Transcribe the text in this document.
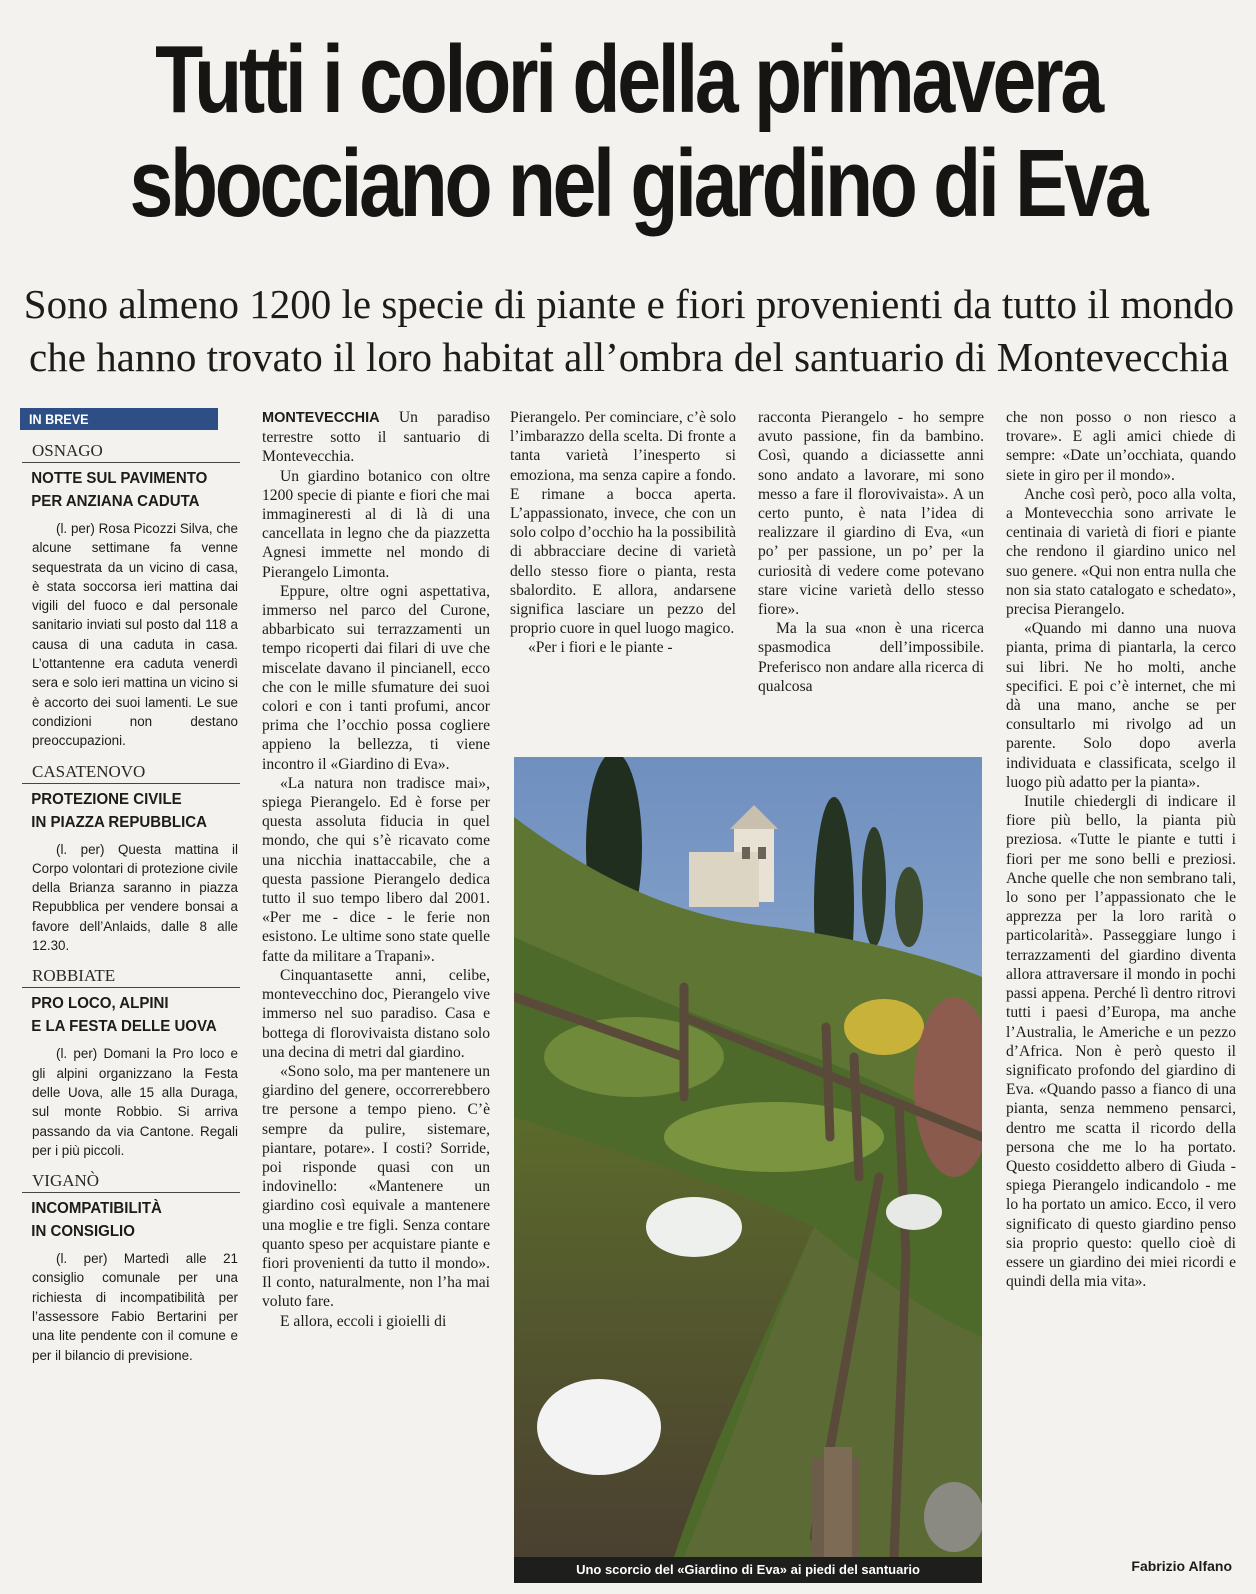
Tutti i colori della primavera
sbocciano nel giardino di Eva
Sono almeno 1200 le specie di piante e fiori provenienti da tutto il mondo
che hanno trovato il loro habitat all’ombra del santuario di Montevecchia
IN BREVE
OSNAGO
NOTTE SUL PAVIMENTO
PER ANZIANA CADUTA
(l. per) Rosa Picozzi Silva, che alcune settimane fa venne sequestrata da un vicino di casa, è stata soccorsa ieri mattina dai vigili del fuoco e dal personale sanitario inviati sul posto dal 118 a causa di una caduta in casa. L’ottantenne era caduta venerdì sera e solo ieri mattina un vicino si è accorto dei suoi lamenti. Le sue condizioni non destano preoccupazioni.
CASATENOVO
PROTEZIONE CIVILE
IN PIAZZA REPUBBLICA
(l. per) Questa mattina il Corpo volontari di protezione civile della Brianza saranno in piazza Repubblica per vendere bonsai a favore dell’Anlaids, dalle 8 alle 12.30.
ROBBIATE
PRO LOCO, ALPINI
E LA FESTA DELLE UOVA
(l. per) Domani la Pro loco e gli alpini organizzano la Festa delle Uova, alle 15 alla Duraga, sul monte Robbio. Si arriva passando da via Cantone. Regali per i più piccoli.
VIGANÒ
INCOMPATIBILITÀ
IN CONSIGLIO
(l. per) Martedì alle 21 consiglio comunale per una richiesta di incompatibilità per l’assessore Fabio Bertarini per una lite pendente con il comune e per il bilancio di previsione.

MONTEVECCHIA Un paradiso terrestre sotto il santuario di Montevecchia.

Un giardino botanico con oltre 1200 specie di piante e fiori che mai immagineresti al di là di una cancellata in legno che da piazzetta Agnesi immette nel mondo di Pierangelo Limonta.

Eppure, oltre ogni aspettativa, immerso nel parco del Curone, abbarbicato sui terrazzamenti un tempo ricoperti dai filari di uve che miscelate davano il pincianell, ecco che con le mille sfumature dei suoi colori e con i tanti profumi, ancor prima che l’occhio possa cogliere appieno la bellezza, ti viene incontro il «Giardino di Eva».

«La natura non tradisce mai», spiega Pierangelo. Ed è forse per questa assoluta fiducia in quel mondo, che qui s’è ricavato come una nicchia inattaccabile, che a questa passione Pierangelo dedica tutto il suo tempo libero dal 2001. «Per me - dice - le ferie non esistono. Le ultime sono state quelle fatte da militare a Trapani».

Cinquantasette anni, celibe, montevecchino doc, Pierangelo vive immerso nel suo paradiso. Casa e bottega di florovivaista distano solo una decina di metri dal giardino.

«Sono solo, ma per mantenere un giardino del genere, occorrerebbero tre persone a tempo pieno. C’è sempre da pulire, sistemare, piantare, potare». I costi? Sorride, poi risponde quasi con un indovinello: «Mantenere un giardino così equivale a mantenere una moglie e tre figli. Senza contare quanto speso per acquistare piante e fiori provenienti da tutto il mondo». Il conto, naturalmente, non l’ha mai voluto fare.

E allora, eccoli i gioielli di

Pierangelo. Per cominciare, c’è solo l’imbarazzo della scelta. Di fronte a tanta varietà l’inesperto si emoziona, ma senza capire a fondo. E rimane a bocca aperta. L’appassionato, invece, che con un solo colpo d’occhio ha la possibilità di abbracciare decine di varietà dello stesso fiore o pianta, resta sbalordito. E allora, andarsene significa lasciare un pezzo del proprio cuore in quel luogo magico.

«Per i fiori e le piante -

racconta Pierangelo - ho sempre avuto passione, fin da bambino. Così, quando a diciassette anni sono andato a lavorare, mi sono messo a fare il florovivaista». A un certo punto, è nata l’idea di realizzare il giardino di Eva, «un po’ per passione, un po’ per la curiosità di vedere come potevano stare vicine varietà dello stesso fiore».

Ma la sua «non è una ricerca spasmodica dell’impossibile. Preferisco non andare alla ricerca di qualcosa

che non posso o non riesco a trovare». E agli amici chiede di sempre: «Date un’occhiata, quando siete in giro per il mondo».

Anche così però, poco alla volta, a Montevecchia sono arrivate le centinaia di varietà di fiori e piante che rendono il giardino unico nel suo genere. «Qui non entra nulla che non sia stato catalogato e schedato», precisa Pierangelo.

«Quando mi danno una nuova pianta, prima di piantarla, la cerco sui libri. Ne ho molti, anche specifici. E poi c’è internet, che mi dà una mano, anche se per consultarlo mi rivolgo ad un parente. Solo dopo averla individuata e classificata, scelgo il luogo più adatto per la pianta».

Inutile chiedergli di indicare il fiore più bello, la pianta più preziosa. «Tutte le piante e tutti i fiori per me sono belli e preziosi. Anche quelle che non sembrano tali, lo sono per l’appassionato che le apprezza per la loro rarità o particolarità». Passeggiare lungo i terrazzamenti del giardino diventa allora attraversare il mondo in pochi passi appena. Perché lì dentro ritrovi tutti i paesi d’Europa, ma anche l’Australia, le Americhe e un pezzo d’Africa. Non è però questo il significato profondo del giardino di Eva. «Quando passo a fianco di una pianta, senza nemmeno pensarci, dentro me scatta il ricordo della persona che me lo ha portato. Questo cosiddetto albero di Giuda - spiega Pierangelo indicandolo - me lo ha portato un amico. Ecco, il vero significato di questo giardino penso sia proprio questo: quello cioè di essere un giardino dei miei ricordi e quindi della mia vita».

Fabrizio Alfano
Uno scorcio del «Giardino di Eva» ai piedi del santuario
